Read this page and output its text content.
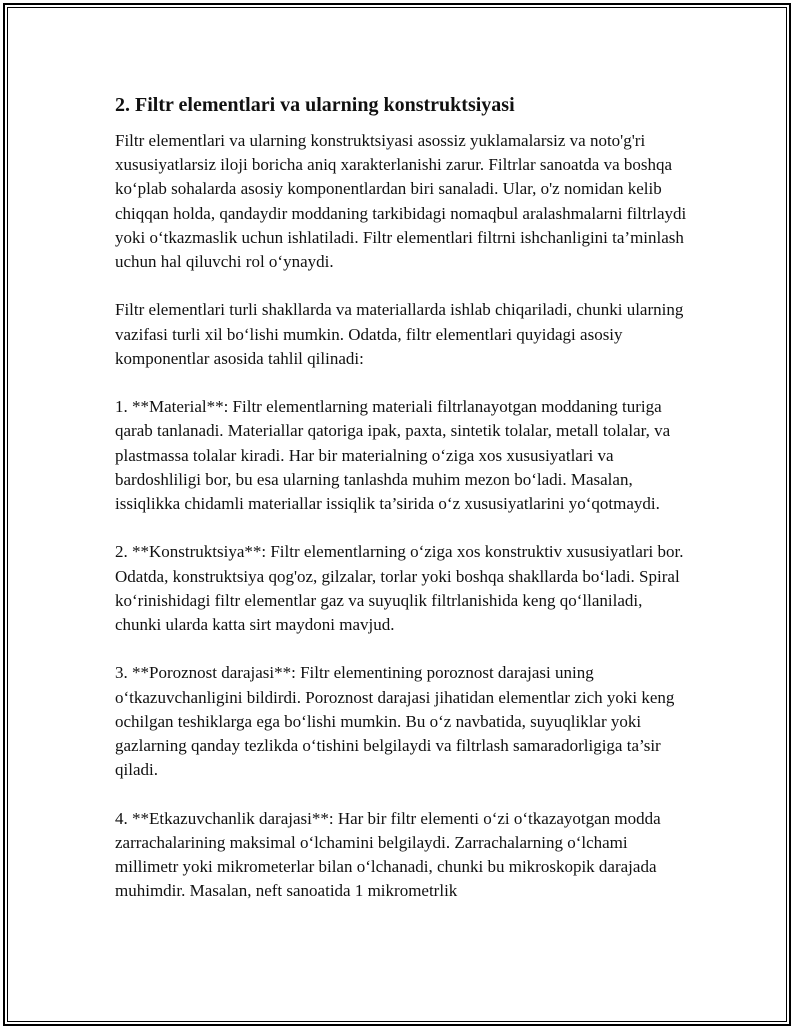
2. Filtr elementlari va ularning konstruktsiyasi

Filtr elementlari va ularning konstruktsiyasi asossiz yuklamalarsiz va noto'g'ri xususiyatlarsiz iloji boricha aniq xarakterlanishi zarur. Filtrlar sanoatda va boshqa ko‘plab sohalarda asosiy komponentlardan biri sanaladi. Ular, o'z nomidan kelib chiqqan holda, qandaydir moddaning tarkibidagi nomaqbul aralashmalarni filtrlaydi yoki o‘tkazmaslik uchun ishlatiladi. Filtr elementlari filtrni ishchanligini ta’minlash uchun hal qiluvchi rol o‘ynaydi.

Filtr elementlari turli shakllarda va materiallarda ishlab chiqariladi, chunki ularning vazifasi turli xil bo‘lishi mumkin. Odatda, filtr elementlari quyidagi asosiy komponentlar asosida tahlil qilinadi:

1. **Material**: Filtr elementlarning materiali filtrlanayotgan moddaning turiga qarab tanlanadi. Materiallar qatoriga ipak, paxta, sintetik tolalar, metall tolalar, va plastmassa tolalar kiradi. Har bir materialning o‘ziga xos xususiyatlari va bardoshliligi bor, bu esa ularning tanlashda muhim mezon bo‘ladi. Masalan, issiqlikka chidamli materiallar issiqlik ta’sirida o‘z xususiyatlarini yo‘qotmaydi.

2. **Konstruktsiya**: Filtr elementlarning o‘ziga xos konstruktiv xususiyatlari bor. Odatda, konstruktsiya qog'oz, gilzalar, torlar yoki boshqa shakllarda bo‘ladi. Spiral ko‘rinishidagi filtr elementlar gaz va suyuqlik filtrlanishida keng qo‘llaniladi, chunki ularda katta sirt maydoni mavjud.

3. **Poroznost darajasi**: Filtr elementining poroznost darajasi uning o‘tkazuvchanligini bildirdi. Poroznost darajasi jihatidan elementlar zich yoki keng ochilgan teshiklarga ega bo‘lishi mumkin. Bu o‘z navbatida, suyuqliklar yoki gazlarning qanday tezlikda o‘tishini belgilaydi va filtrlash samaradorligiga ta’sir qiladi.

4. **Etkazuvchanlik darajasi**: Har bir filtr elementi o‘zi o‘tkazayotgan modda zarrachalarining maksimal o‘lchamini belgilaydi. Zarrachalarning o‘lchami millimetr yoki mikrometerlar bilan o‘lchanadi, chunki bu mikroskopik darajada muhimdir. Masalan, neft sanoatida 1 mikrometrlik
